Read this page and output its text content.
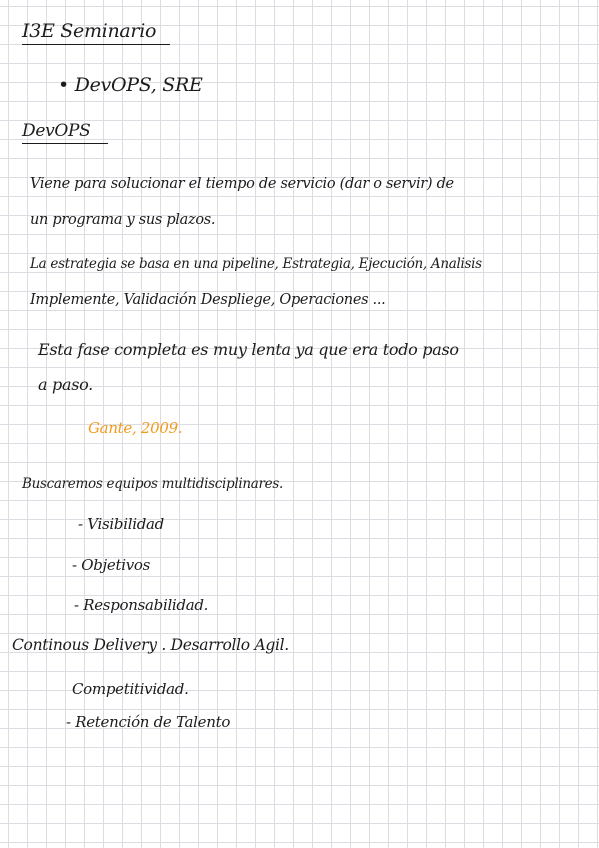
I3E Seminario
• DevOPS, SRE
DevOPS
Viene para solucionar el tiempo de servicio (dar o servir) de
un programa y sus plazos.
La estrategia se basa en una pipeline, Estrategia, Ejecución, Analisis
Implemente, Validación Despliege, Operaciones ...
Esta fase completa es muy lenta ya que era todo paso
a paso.
Gante, 2009.
Buscaremos equipos multidisciplinares.
- Visibilidad
- Objetivos
- Responsabilidad.
Continous Delivery . Desarrollo Agil.
Competitividad.
- Retención de Talento
